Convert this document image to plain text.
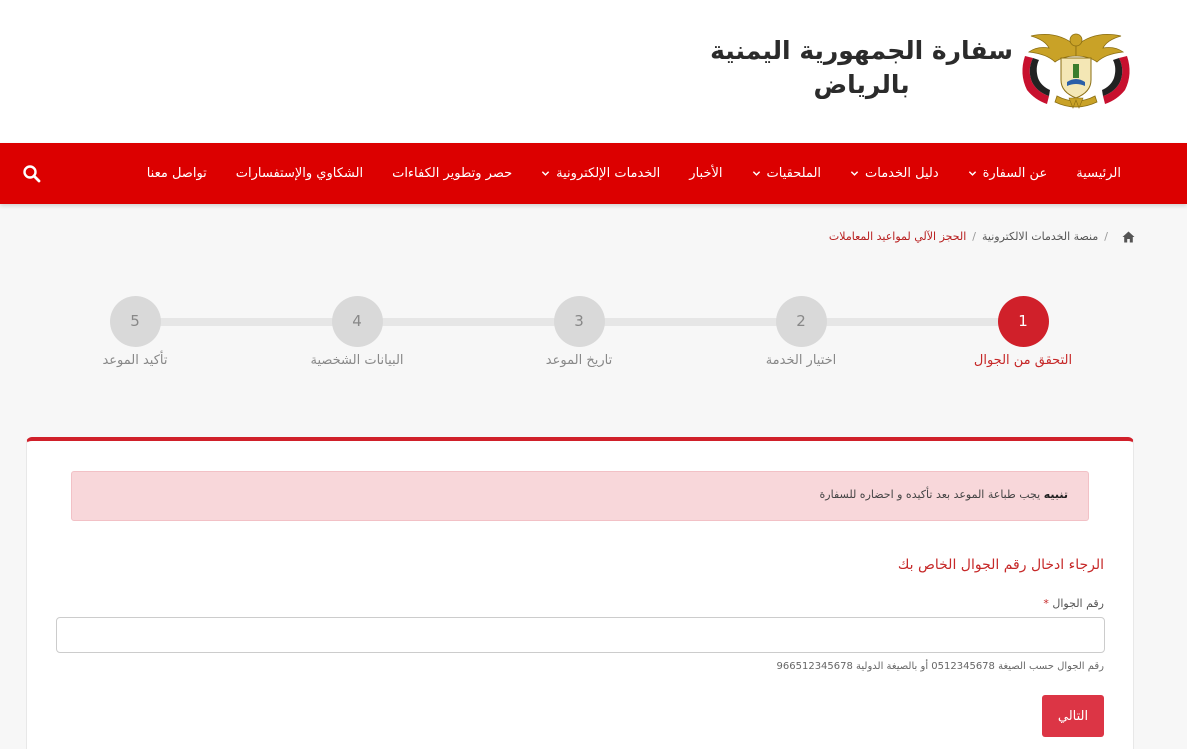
سفارة الجمهورية اليمنية
بالرياض
الرئيسية
عن السفارة
دليل الخدمات
الملحقيات
الأخبار
الخدمات الإلكترونية
حصر وتطوير الكفاءات
الشكاوي والإستفسارات
تواصل معنا
/
منصة الخدمات الالكترونية
/
الحجز الآلي لمواعيد المعاملات
1
التحقق من الجوال
2
اختيار الخدمة
3
تاريخ الموعد
4
البيانات الشخصية
5
تأكيد الموعد
تنبيه يجب طباعة الموعد بعد تأكيده و احضاره للسفارة
الرجاء ادخال رقم الجوال الخاص بك
رقم الجوال *
رقم الجوال حسب الصيغة 0512345678 أو بالصيغة الدولية 966512345678
التالي
